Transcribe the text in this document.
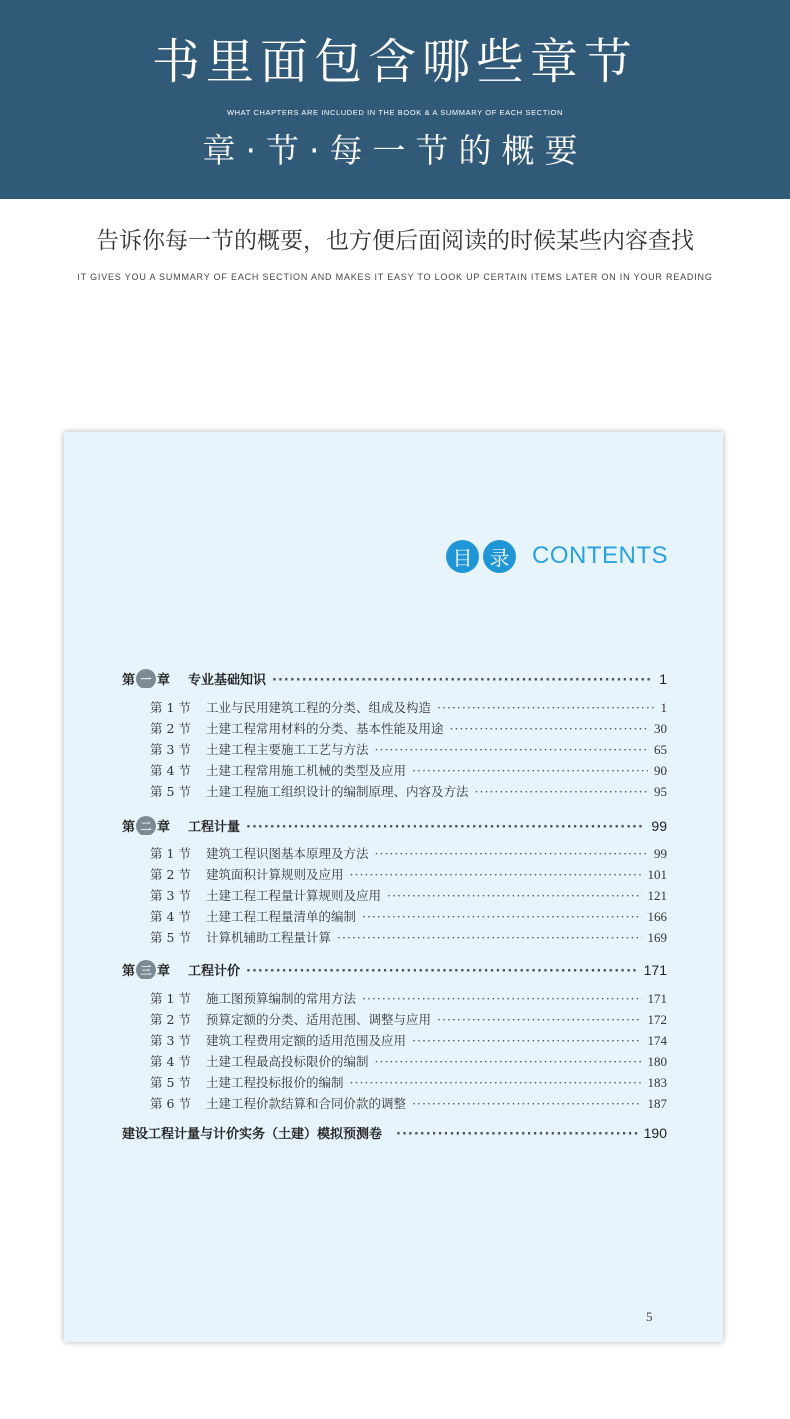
书里面包含哪些章节
WHAT CHAPTERS ARE INCLUDED IN THE BOOK & A SUMMARY OF EACH SECTION
章·节·每一节的概要
告诉你每一节的概要，也方便后面阅读的时候某些内容查找
IT GIVES YOU A SUMMARY OF EACH SECTION AND MAKES IT EASY TO LOOK UP CERTAIN ITEMS LATER ON IN YOUR READING
目 录 CONTENTS
第 一 章 专业基础知识 ·····	1
第 1 节	工业与民用建筑工程的分类、组成及构造 ·····	1
第 2 节	土建工程常用材料的分类、基本性能及用途 ·····	30
第 3 节	土建工程主要施工工艺与方法 ·····	65
第 4 节	土建工程常用施工机械的类型及应用 ·····	90
第 5 节	土建工程施工组织设计的编制原理、内容及方法 ·····	95
第 二 章 工程计量 ·····	99
第 1 节	建筑工程识图基本原理及方法 ·····	99
第 2 节	建筑面积计算规则及应用 ·····	101
第 3 节	土建工程工程量计算规则及应用 ·····	121
第 4 节	土建工程工程量清单的编制 ·····	166
第 5 节	计算机辅助工程量计算 ·····	169
第 三 章 工程计价 ·····	171
第 1 节	施工图预算编制的常用方法 ·····	171
第 2 节	预算定额的分类、适用范围、调整与应用 ·····	172
第 3 节	建筑工程费用定额的适用范围及应用 ·····	174
第 4 节	土建工程最高投标限价的编制 ·····	180
第 5 节	土建工程投标报价的编制 ·····	183
第 6 节	土建工程价款结算和合同价款的调整 ·····	187
建设工程计量与计价实务（土建）模拟预测卷 ·····	190
5
